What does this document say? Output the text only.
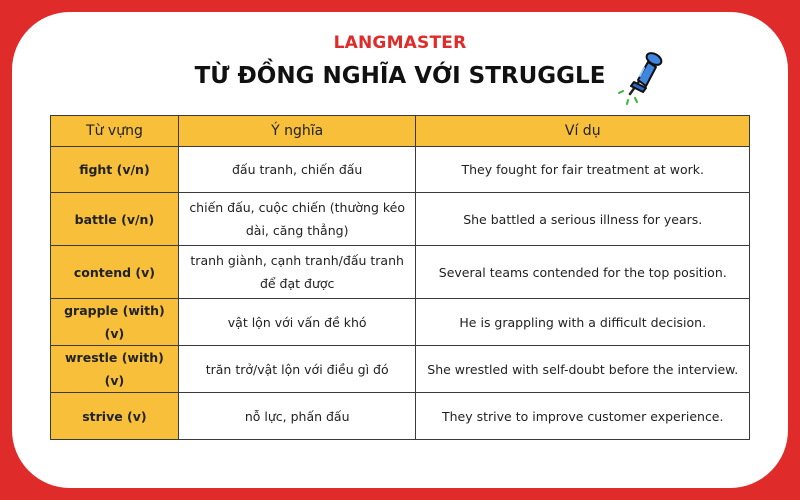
LANGMASTER
TỪ ĐỒNG NGHĨA VỚI STRUGGLE
Từ vựng	Ý nghĩa	Ví dụ
fight (v/n)	đấu tranh, chiến đấu	They fought for fair treatment at work.
battle (v/n)	chiến đấu, cuộc chiến (thường kéo dài, căng thẳng)	She battled a serious illness for years.
contend (v)	tranh giành, cạnh tranh/đấu tranh để đạt được	Several teams contended for the top position.
grapple (with) (v)	vật lộn với vấn đề khó	He is grappling with a difficult decision.
wrestle (with) (v)	trăn trở/vật lộn với điều gì đó	She wrestled with self-doubt before the interview.
strive (v)	nỗ lực, phấn đấu	They strive to improve customer experience.
